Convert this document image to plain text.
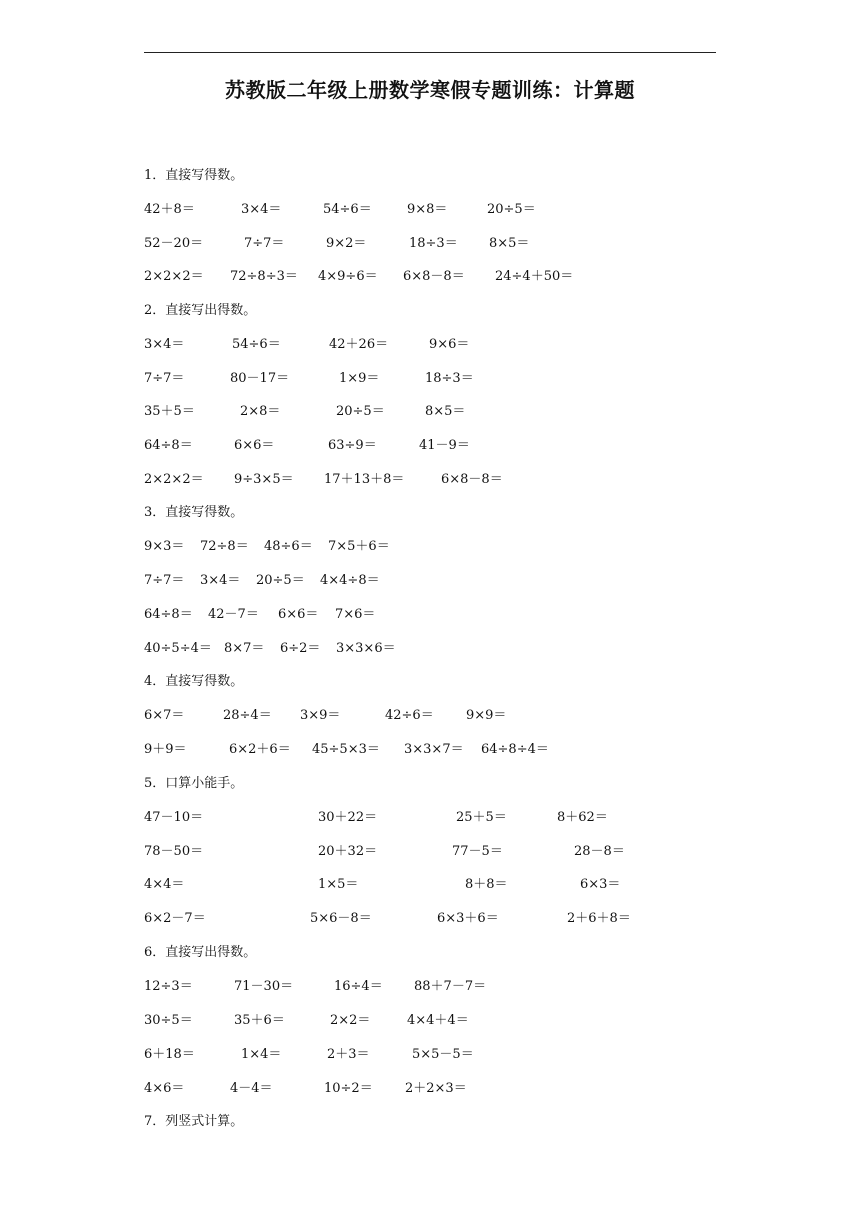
苏教版二年级上册数学寒假专题训练：计算题
1．直接写得数。
42＋8＝	3×4＝	54÷6＝	9×8＝	20÷5＝
52－20＝	7÷7＝	9×2＝	18÷3＝ 8×5＝
2×2×2＝ 72÷8÷3＝ 4×9÷6＝ 6×8－8＝ 24÷4＋50＝
2．直接写出得数。
3×4＝	54÷6＝	42＋26＝	9×6＝
7÷7＝	80－17＝	1×9＝	18÷3＝
35＋5＝	2×8＝	20÷5＝	8×5＝
64÷8＝	6×6＝	63÷9＝	41－9＝
2×2×2＝ 9÷3×5＝ 17＋13＋8＝	6×8－8＝
3．直接写得数。
9×3＝ 72÷8＝ 48÷6＝ 7×5＋6＝
7÷7＝ 3×4＝ 20÷5＝ 4×4÷8＝
64÷8＝ 42－7＝ 6×6＝ 7×6＝
40÷5÷4＝ 8×7＝ 6÷2＝ 3×3×6＝
4．直接写得数。
6×7＝	28÷4＝ 3×9＝	42÷6＝ 9×9＝
9＋9＝	6×2＋6＝ 45÷5×3＝ 3×3×7＝ 64÷8÷4＝
5．口算小能手。
47－10＝	30＋22＝	25＋5＝	8＋62＝
78－50＝	20＋32＝	77－5＝	28－8＝
4×4＝	1×5＝	8＋8＝	6×3＝
6×2－7＝	5×6－8＝	6×3＋6＝	2＋6＋8＝
6．直接写出得数。
12÷3＝	71－30＝	16÷4＝ 88＋7－7＝
30÷5＝	35＋6＝	2×2＝	4×4＋4＝
6＋18＝	1×4＝	2＋3＝	5×5－5＝
4×6＝	4－4＝	10÷2＝ 2＋2×3＝
7．列竖式计算。
